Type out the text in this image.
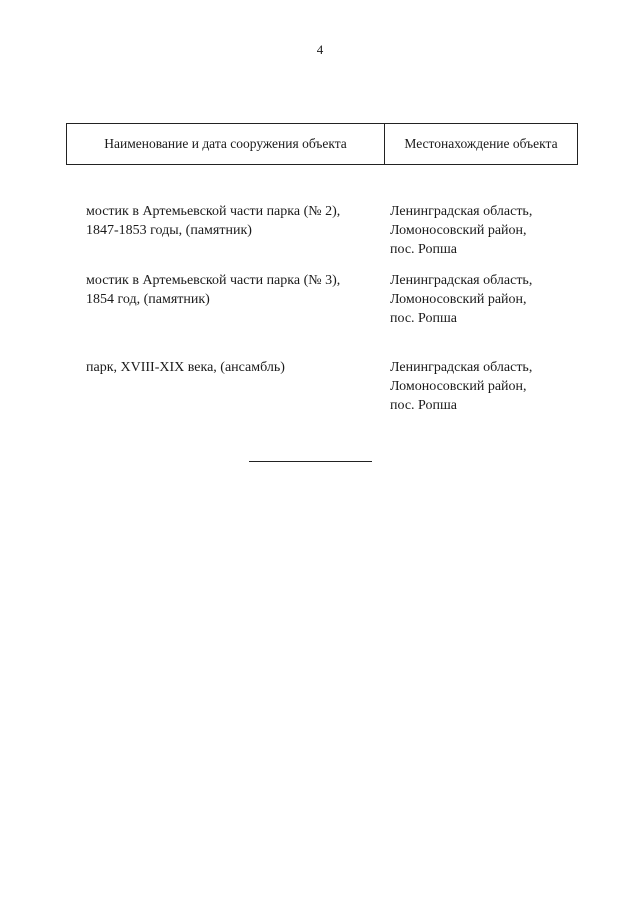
4
Наименование и дата сооружения объекта	Местонахождение объекта
мостик в Артемьевской части парка (№ 2),
1847-1853 годы, (памятник)
Ленинградская область,
Ломоносовский район,
пос. Ропша
мостик в Артемьевской части парка (№ 3),
1854 год, (памятник)
Ленинградская область,
Ломоносовский район,
пос. Ропша
парк, XVIII-XIX века, (ансамбль)	Ленинградская область,
Ломоносовский район,
пос. Ропша
